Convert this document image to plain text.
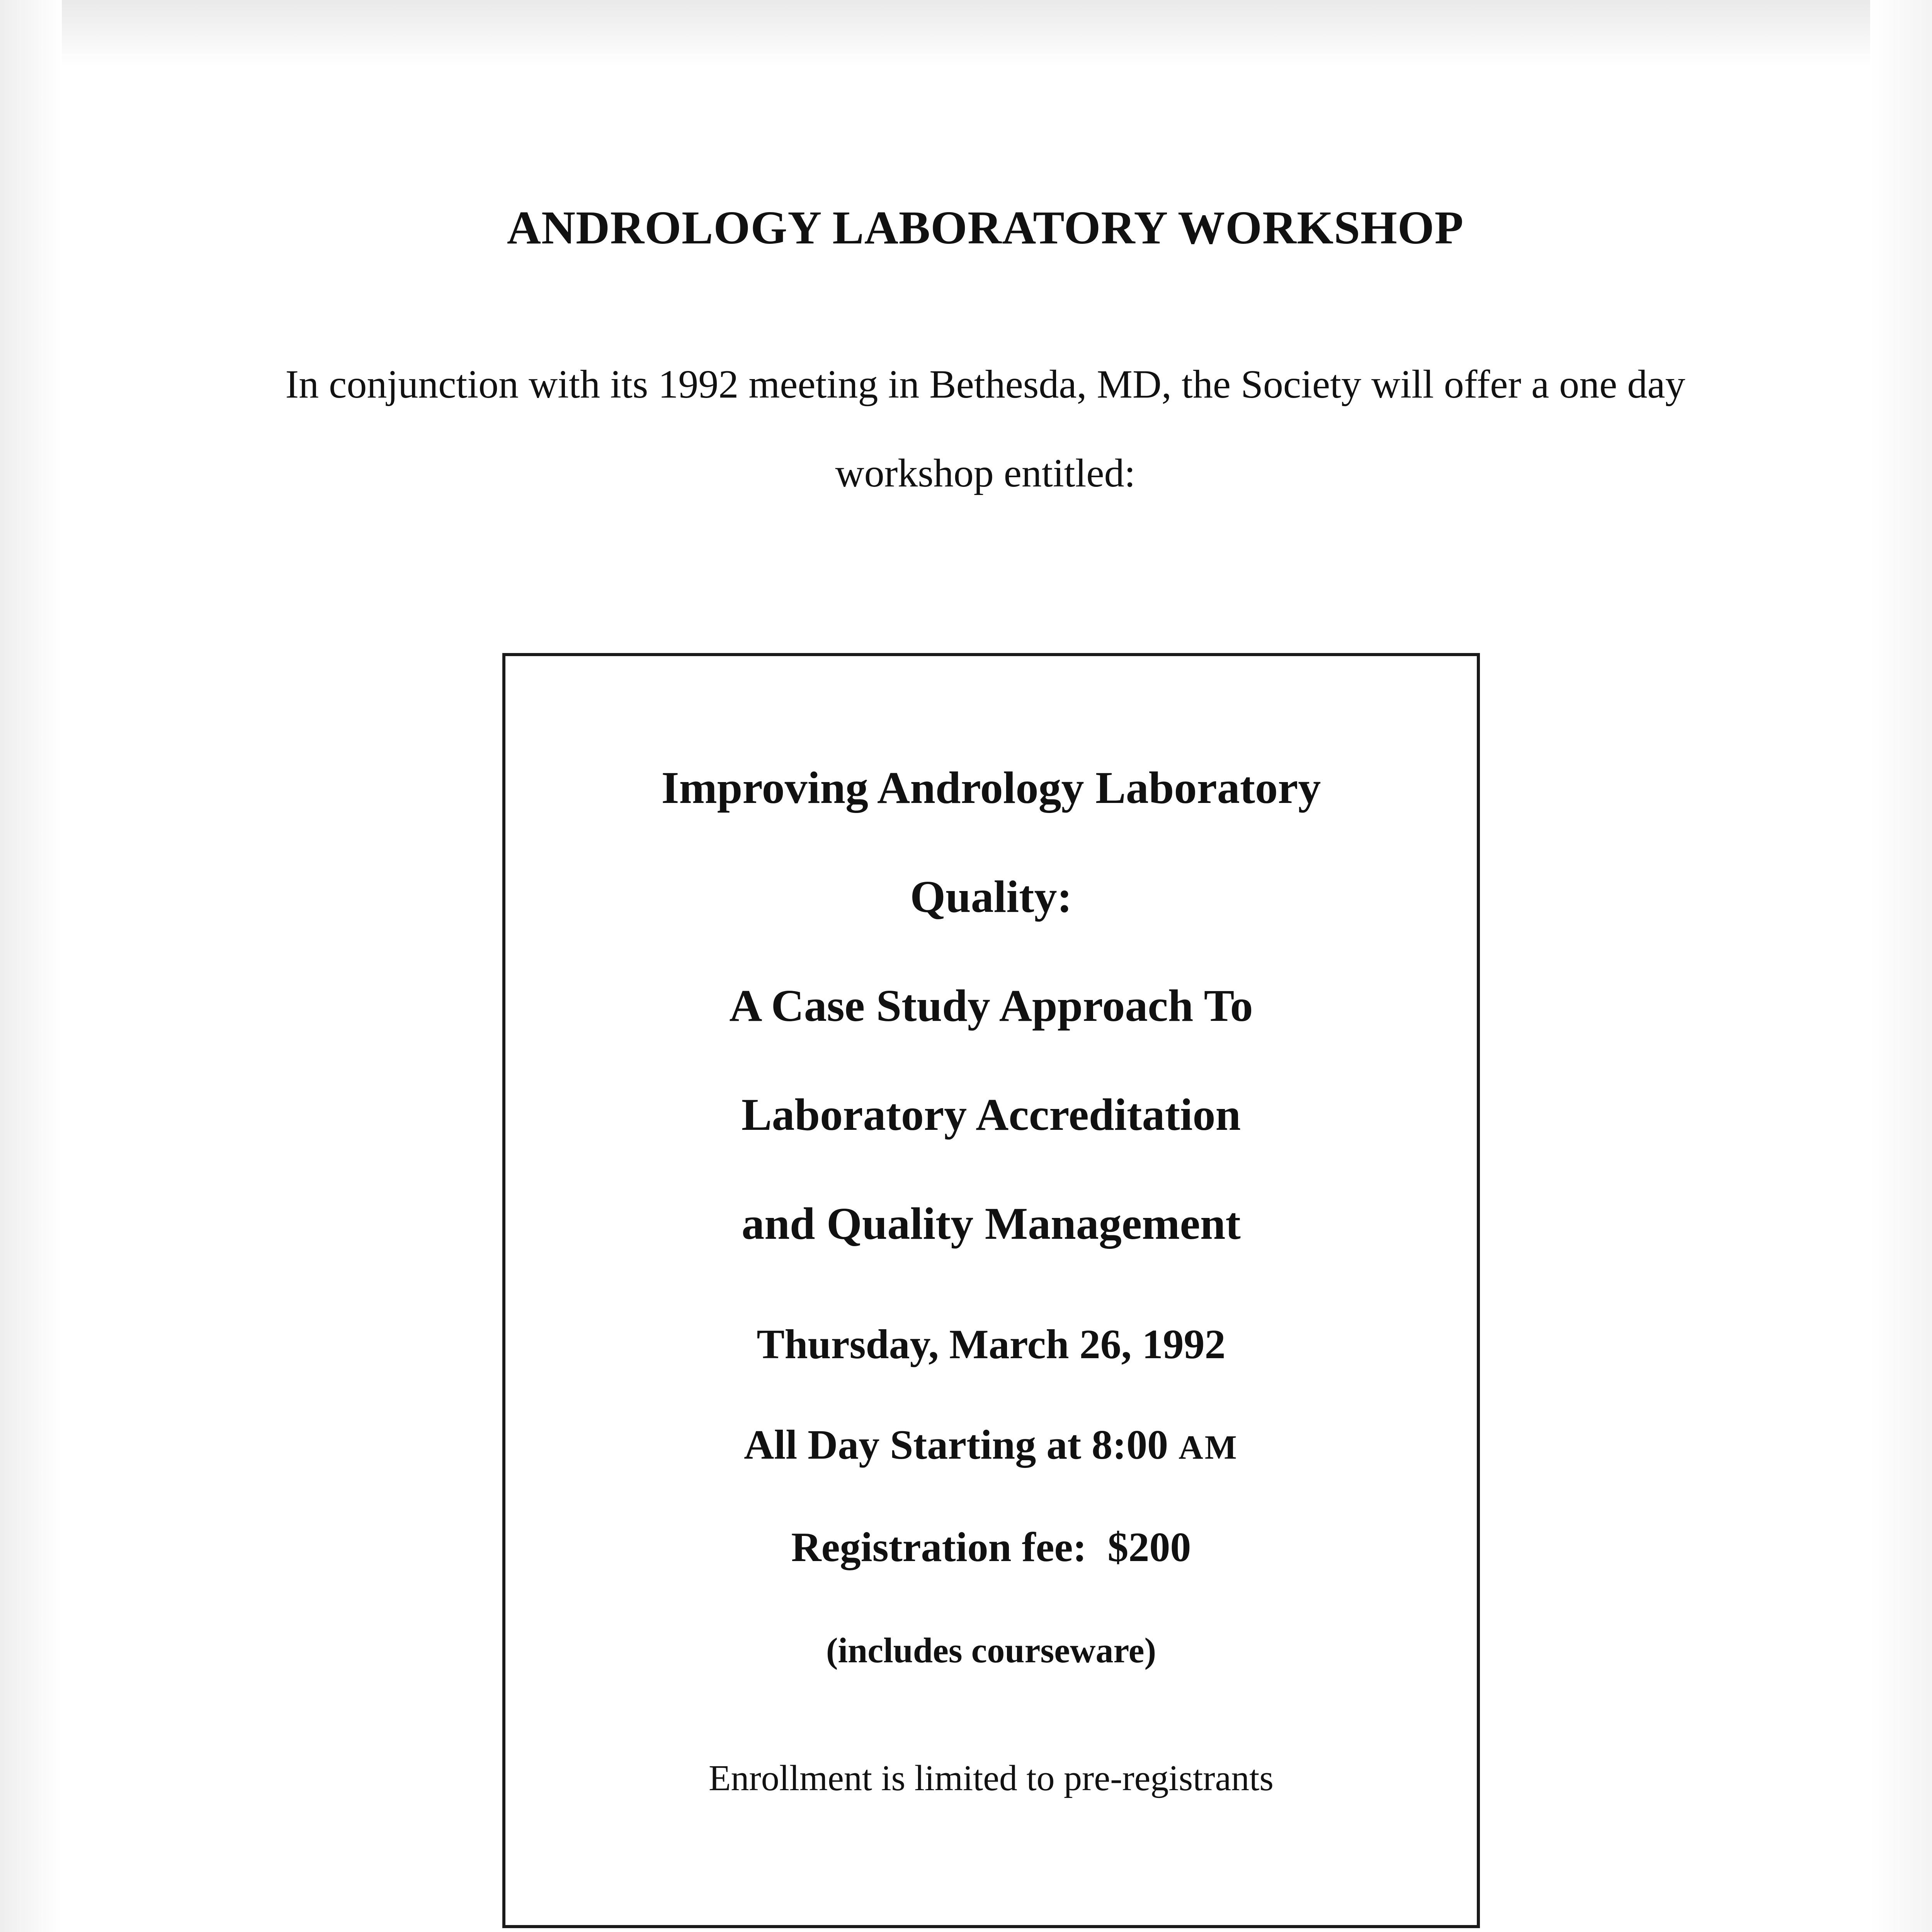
ANDROLOGY LABORATORY WORKSHOP

In conjunction with its 1992 meeting in Bethesda, MD, the Society will offer a one day workshop entitled:

Improving Andrology Laboratory
Quality:
A Case Study Approach To
Laboratory Accreditation
and Quality Management

Thursday, March 26, 1992

All Day Starting at 8:00 AM

Registration fee:  $200

(includes courseware)

Enrollment is limited to pre-registrants
